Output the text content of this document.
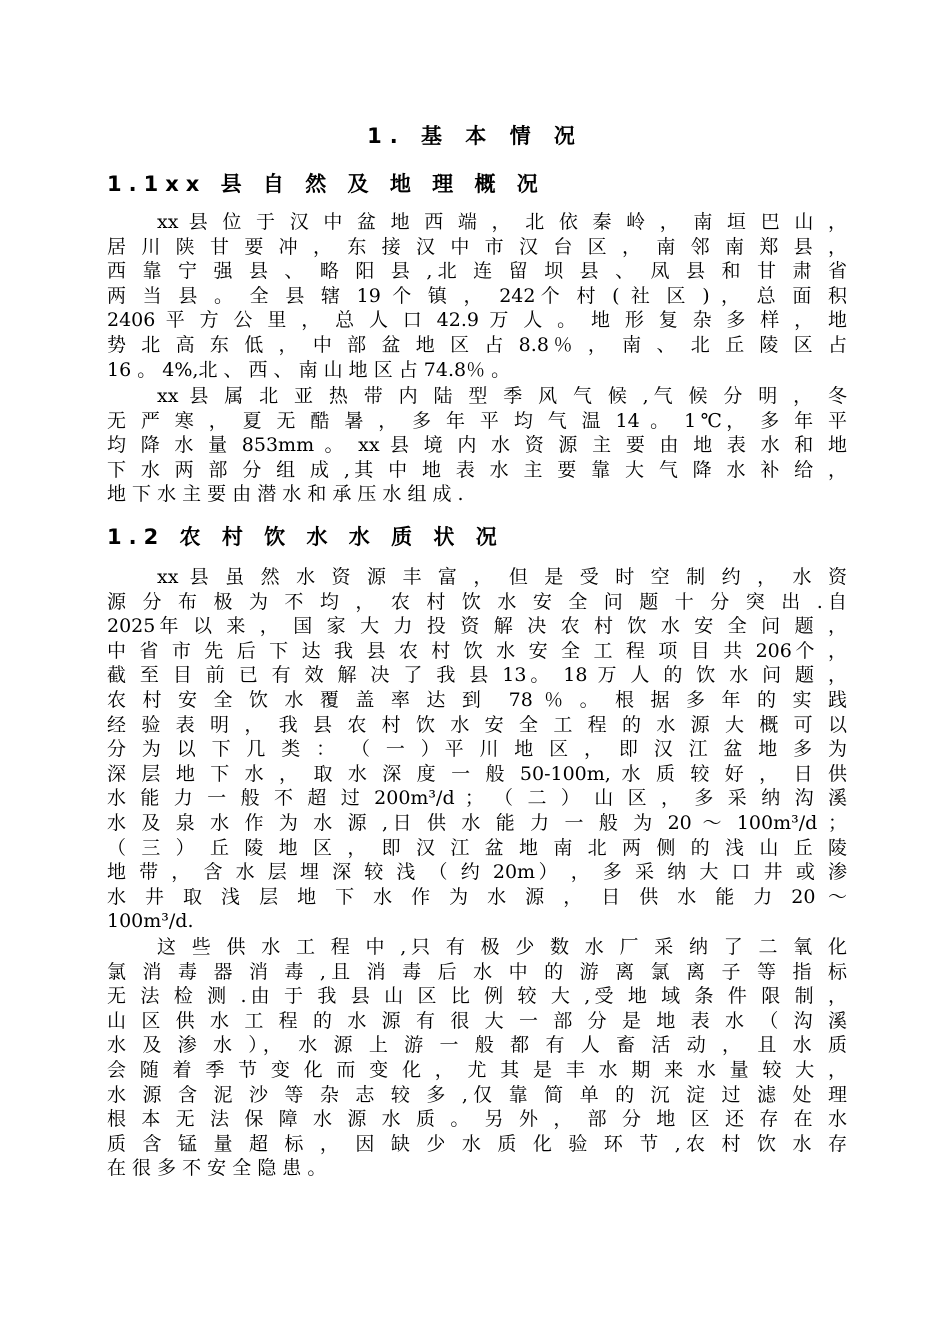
1. 基 本 情 况
1.1xx 县 自 然 及 地 理 概 况
xx 县 位 于 汉 中 盆 地 西 端 ， 北 依 秦 岭 ， 南 垣 巴 山 ，
居 川 陕 甘 要 冲 ， 东 接 汉 中 市 汉 台 区 ， 南 邻 南 郑 县 ，
西 靠 宁 强 县 、 略 阳 县 ,北 连 留 坝 县 、 凤 县 和 甘 肃 省
两 当 县 。 全 县 辖 19 个 镇 ， 242个 村 ( 社 区 ) ， 总 面 积
2406 平 方 公 里 ， 总 人 口 42.9 万 人 。 地 形 复 杂 多 样 ， 地
势 北 高 东 低 ， 中 部 盆 地 区 占 8.8％ ， 南 、 北 丘 陵 区 占
16 。 4%,北 、 西 、 南 山 地 区 占 74.8％ 。
xx 县 属 北 亚 热 带 内 陆 型 季 风 气 候 ,气 候 分 明 ， 冬
无 严 寒 ， 夏 无 酷 暑 ， 多 年 平 均 气 温 14 。 1℃， 多 年 平
均 降 水 量 853mm 。 xx 县 境 内 水 资 源 主 要 由 地 表 水 和 地
下 水 两 部 分 组 成 ,其 中 地 表 水 主 要 靠 大 气 降 水 补 给 ，
地 下 水 主 要 由 潜 水 和 承 压 水 组 成 .
1.2 农 村 饮 水 水 质 状 况
xx 县 虽 然 水 资 源 丰 富 ， 但 是 受 时 空 制 约 ， 水 资
源 分 布 极 为 不 均 ， 农 村 饮 水 安 全 问 题 十 分 突 出 .自
2025年 以 来 ， 国 家 大 力 投 资 解 决 农 村 饮 水 安 全 问 题 ，
中 省 市 先 后 下 达 我 县 农 村 饮 水 安 全 工 程 项 目 共 206个 ，
截 至 目 前 已 有 效 解 决 了 我 县 13。 18 万 人 的 饮 水 问 题 ，
农 村 安 全 饮 水 覆 盖 率 达 到  78 ％ 。 根 据 多 年 的 实 践
经 验 表 明 ， 我 县 农 村 饮 水 安 全 工 程 的 水 源 大 概 可 以
分 为 以 下 几 类 ： （ 一 ）平 川 地 区 ， 即 汉 江 盆 地 多 为
深 层 地 下 水 ， 取 水 深 度 一 般 50-100m, 水 质 较 好 ， 日 供
水 能 力 一 般 不 超 过 200m³/d ； （ 二 ） 山 区 ， 多 采 纳 沟 溪
水 及 泉 水 作 为 水 源 ,日 供 水 能 力 一 般 为 20 ～ 100m³/d ；
（ 三 ） 丘 陵 地 区 ， 即 汉 江 盆 地 南 北 两 侧 的 浅 山 丘 陵
地 带 ， 含 水 层 埋 深 较 浅 （ 约 20m） ， 多 采 纳 大 口 井 或 渗
水 井 取 浅 层 地 下 水 作 为 水 源 ， 日 供 水 能 力 20 ～
100m³/d.
这 些 供 水 工 程 中 ,只 有 极 少 数 水 厂 采 纳 了 二 氧 化
氯 消 毒 器 消 毒 ,且 消 毒 后 水 中 的 游 离 氯 离 子 等 指 标
无 法 检 测 .由 于 我 县 山 区 比 例 较 大 ,受 地 域 条 件 限 制 ，
山 区 供 水 工 程 的 水 源 有 很 大 一 部 分 是 地 表 水 （ 沟 溪
水 及 渗 水 ）， 水 源 上 游 一 般 都 有 人 畜 活 动 ， 且 水 质
会 随 着 季 节 变 化 而 变 化 ， 尤 其 是 丰 水 期 来 水 量 较 大 ，
水 源 含 泥 沙 等 杂 志 较 多 ,仅 靠 简 单 的 沉 淀 过 滤 处 理
根 本 无 法 保 障 水 源 水 质 。 另 外 ， 部 分 地 区 还 存 在 水
质 含 锰 量 超 标 ， 因 缺 少 水 质 化 验 环 节 ,农 村 饮 水 存
在 很 多 不 安 全 隐 患 。
